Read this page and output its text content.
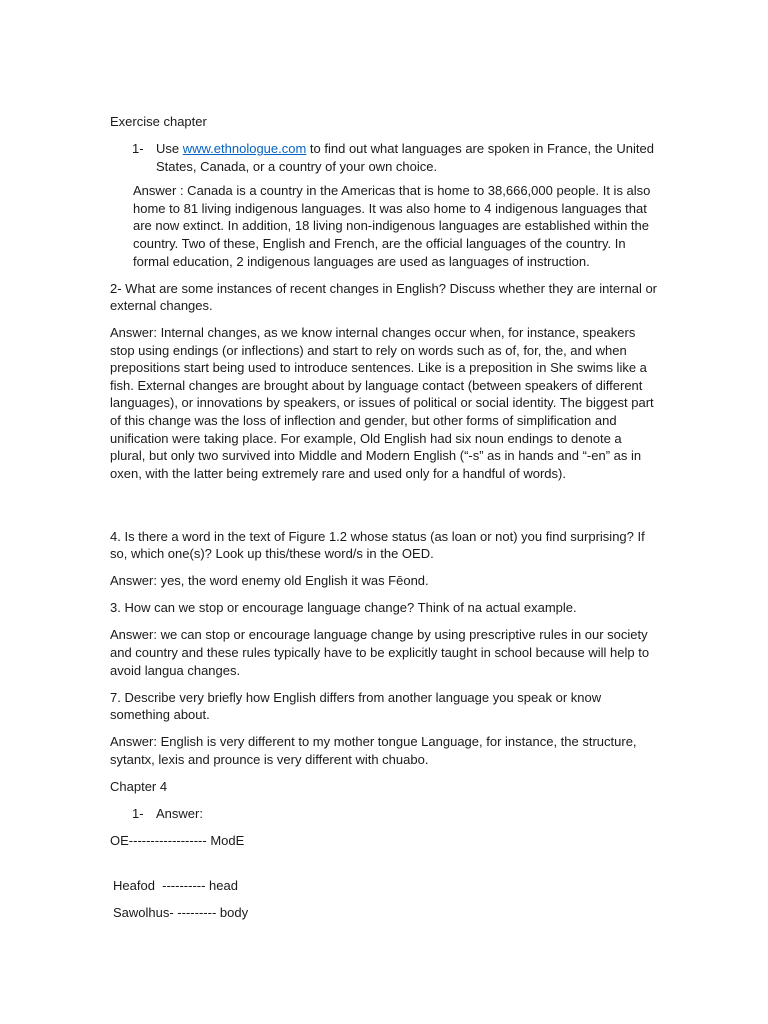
Exercise chapter

1- Use www.ethnologue.com to find out what languages are spoken in France, the United States, Canada, or a country of your own choice.

Answer : Canada is a country in the Americas that is home to 38,666,000 people. It is also home to 81 living indigenous languages. It was also home to 4 indigenous languages that are now extinct. In addition, 18 living non-indigenous languages are established within the country. Two of these, English and French, are the official languages of the country. In formal education, 2 indigenous languages are used as languages of instruction.

2- What are some instances of recent changes in English? Discuss whether they are internal or external changes.

Answer: Internal changes, as we know internal changes occur when, for instance, speakers stop using endings (or inflections) and start to rely on words such as of, for, the, and when prepositions start being used to introduce sentences. Like is a preposition in She swims like a fish. External changes are brought about by language contact (between speakers of different languages), or innovations by speakers, or issues of political or social identity. The biggest part of this change was the loss of inflection and gender, but other forms of simplification and unification were taking place. For example, Old English had six noun endings to denote a plural, but only two survived into Middle and Modern English (“-s” as in hands and “-en” as in oxen, with the latter being extremely rare and used only for a handful of words).

4. Is there a word in the text of Figure 1.2 whose status (as loan or not) you find surprising? If so, which one(s)? Look up this/these word/s in the OED.

Answer: yes, the word enemy old English it was Fēond.

3. How can we stop or encourage language change? Think of na actual example.

Answer: we can stop or encourage language change by using prescriptive rules in our society and country and these rules typically have to be explicitly taught in school because will help to avoid langua changes.

7. Describe very briefly how English differs from another language you speak or know something about.

Answer: English is very different to my mother tongue Language, for instance, the structure, sytantx, lexis and prounce is very different with chuabo.

Chapter 4

1- Answer:

OE------------------ ModE

Heafod  ---------- head

Sawolhus- --------- body
